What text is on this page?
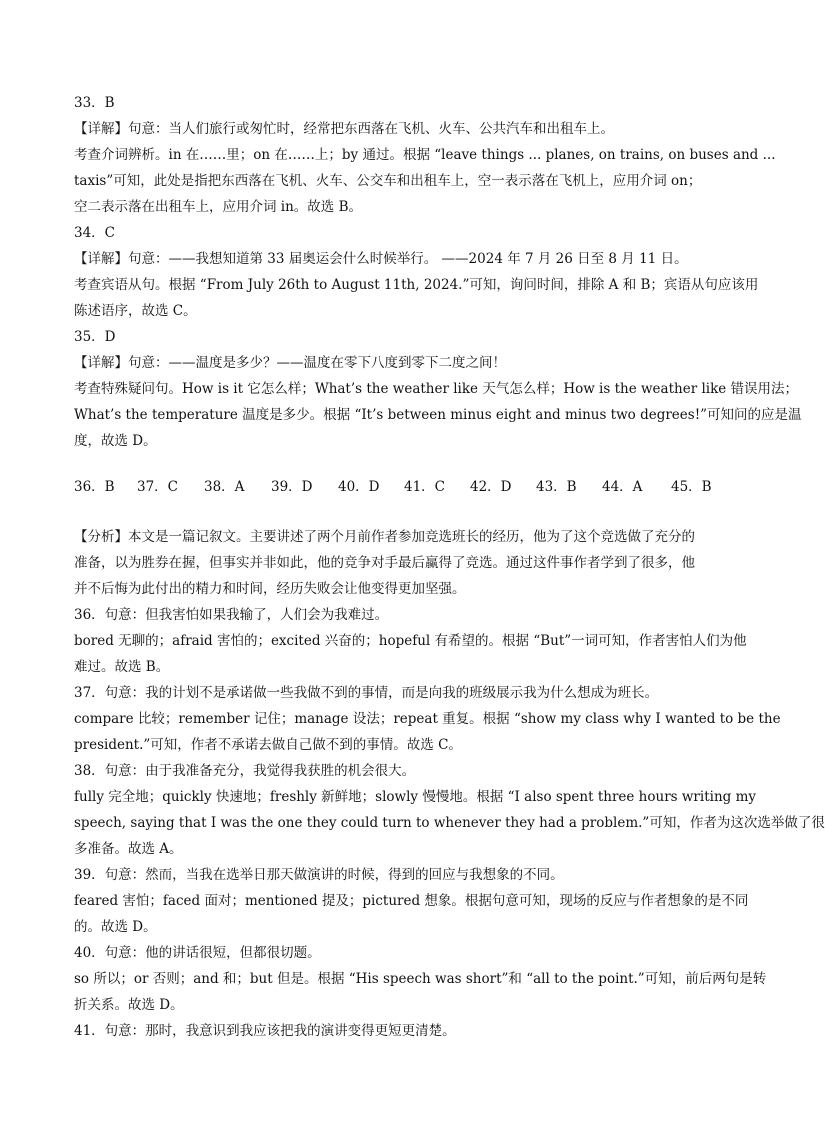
33．B
【详解】句意：当人们旅行或匆忙时，经常把东西落在飞机、火车、公共汽车和出租车上。
考查介词辨析。in 在……里；on 在……上；by 通过。根据 “leave things ... planes, on trains, on buses and ...
taxis”可知，此处是指把东西落在飞机、火车、公交车和出租车上，空一表示落在飞机上，应用介词 on；
空二表示落在出租车上，应用介词 in。故选 B。
34．C
【详解】句意：——我想知道第 33 届奥运会什么时候举行。 ——2024 年 7 月 26 日至 8 月 11 日。
考查宾语从句。根据 “From July 26th to August 11th, 2024.”可知，询问时间，排除 A 和 B；宾语从句应该用
陈述语序，故选 C。
35．D
【详解】句意：——温度是多少？——温度在零下八度到零下二度之间！
考查特殊疑问句。How is it 它怎么样；What’s the weather like 天气怎么样；How is the weather like 错误用法；
What’s the temperature 温度是多少。根据 “It’s between minus eight and minus two degrees!”可知问的应是温
度，故选 D。
36．B 37．C 38．A 39．D 40．D 41．C 42．D 43．B 44．A 45．B
【分析】本文是一篇记叙文。主要讲述了两个月前作者参加竞选班长的经历，他为了这个竞选做了充分的
准备，以为胜券在握，但事实并非如此，他的竞争对手最后赢得了竞选。通过这件事作者学到了很多，他
并不后悔为此付出的精力和时间，经历失败会让他变得更加坚强。
36．句意：但我害怕如果我输了，人们会为我难过。
bored 无聊的；afraid 害怕的；excited 兴奋的；hopeful 有希望的。根据 “But”一词可知，作者害怕人们为他
难过。故选 B。
37．句意：我的计划不是承诺做一些我做不到的事情，而是向我的班级展示我为什么想成为班长。
compare 比较；remember 记住；manage 设法；repeat 重复。根据 “show my class why I wanted to be the
president.”可知，作者不承诺去做自己做不到的事情。故选 C。
38．句意：由于我准备充分，我觉得我获胜的机会很大。
fully 完全地；quickly 快速地；freshly 新鲜地；slowly 慢慢地。根据 “I also spent three hours writing my
speech, saying that I was the one they could turn to whenever they had a problem.”可知，作者为这次选举做了很
多准备。故选 A。
39．句意：然而，当我在选举日那天做演讲的时候，得到的回应与我想象的不同。
feared 害怕；faced 面对；mentioned 提及；pictured 想象。根据句意可知，现场的反应与作者想象的是不同
的。故选 D。
40．句意：他的讲话很短，但都很切题。
so 所以；or 否则；and 和；but 但是。根据 “His speech was short”和 “all to the point.”可知，前后两句是转
折关系。故选 D。
41．句意：那时，我意识到我应该把我的演讲变得更短更清楚。
